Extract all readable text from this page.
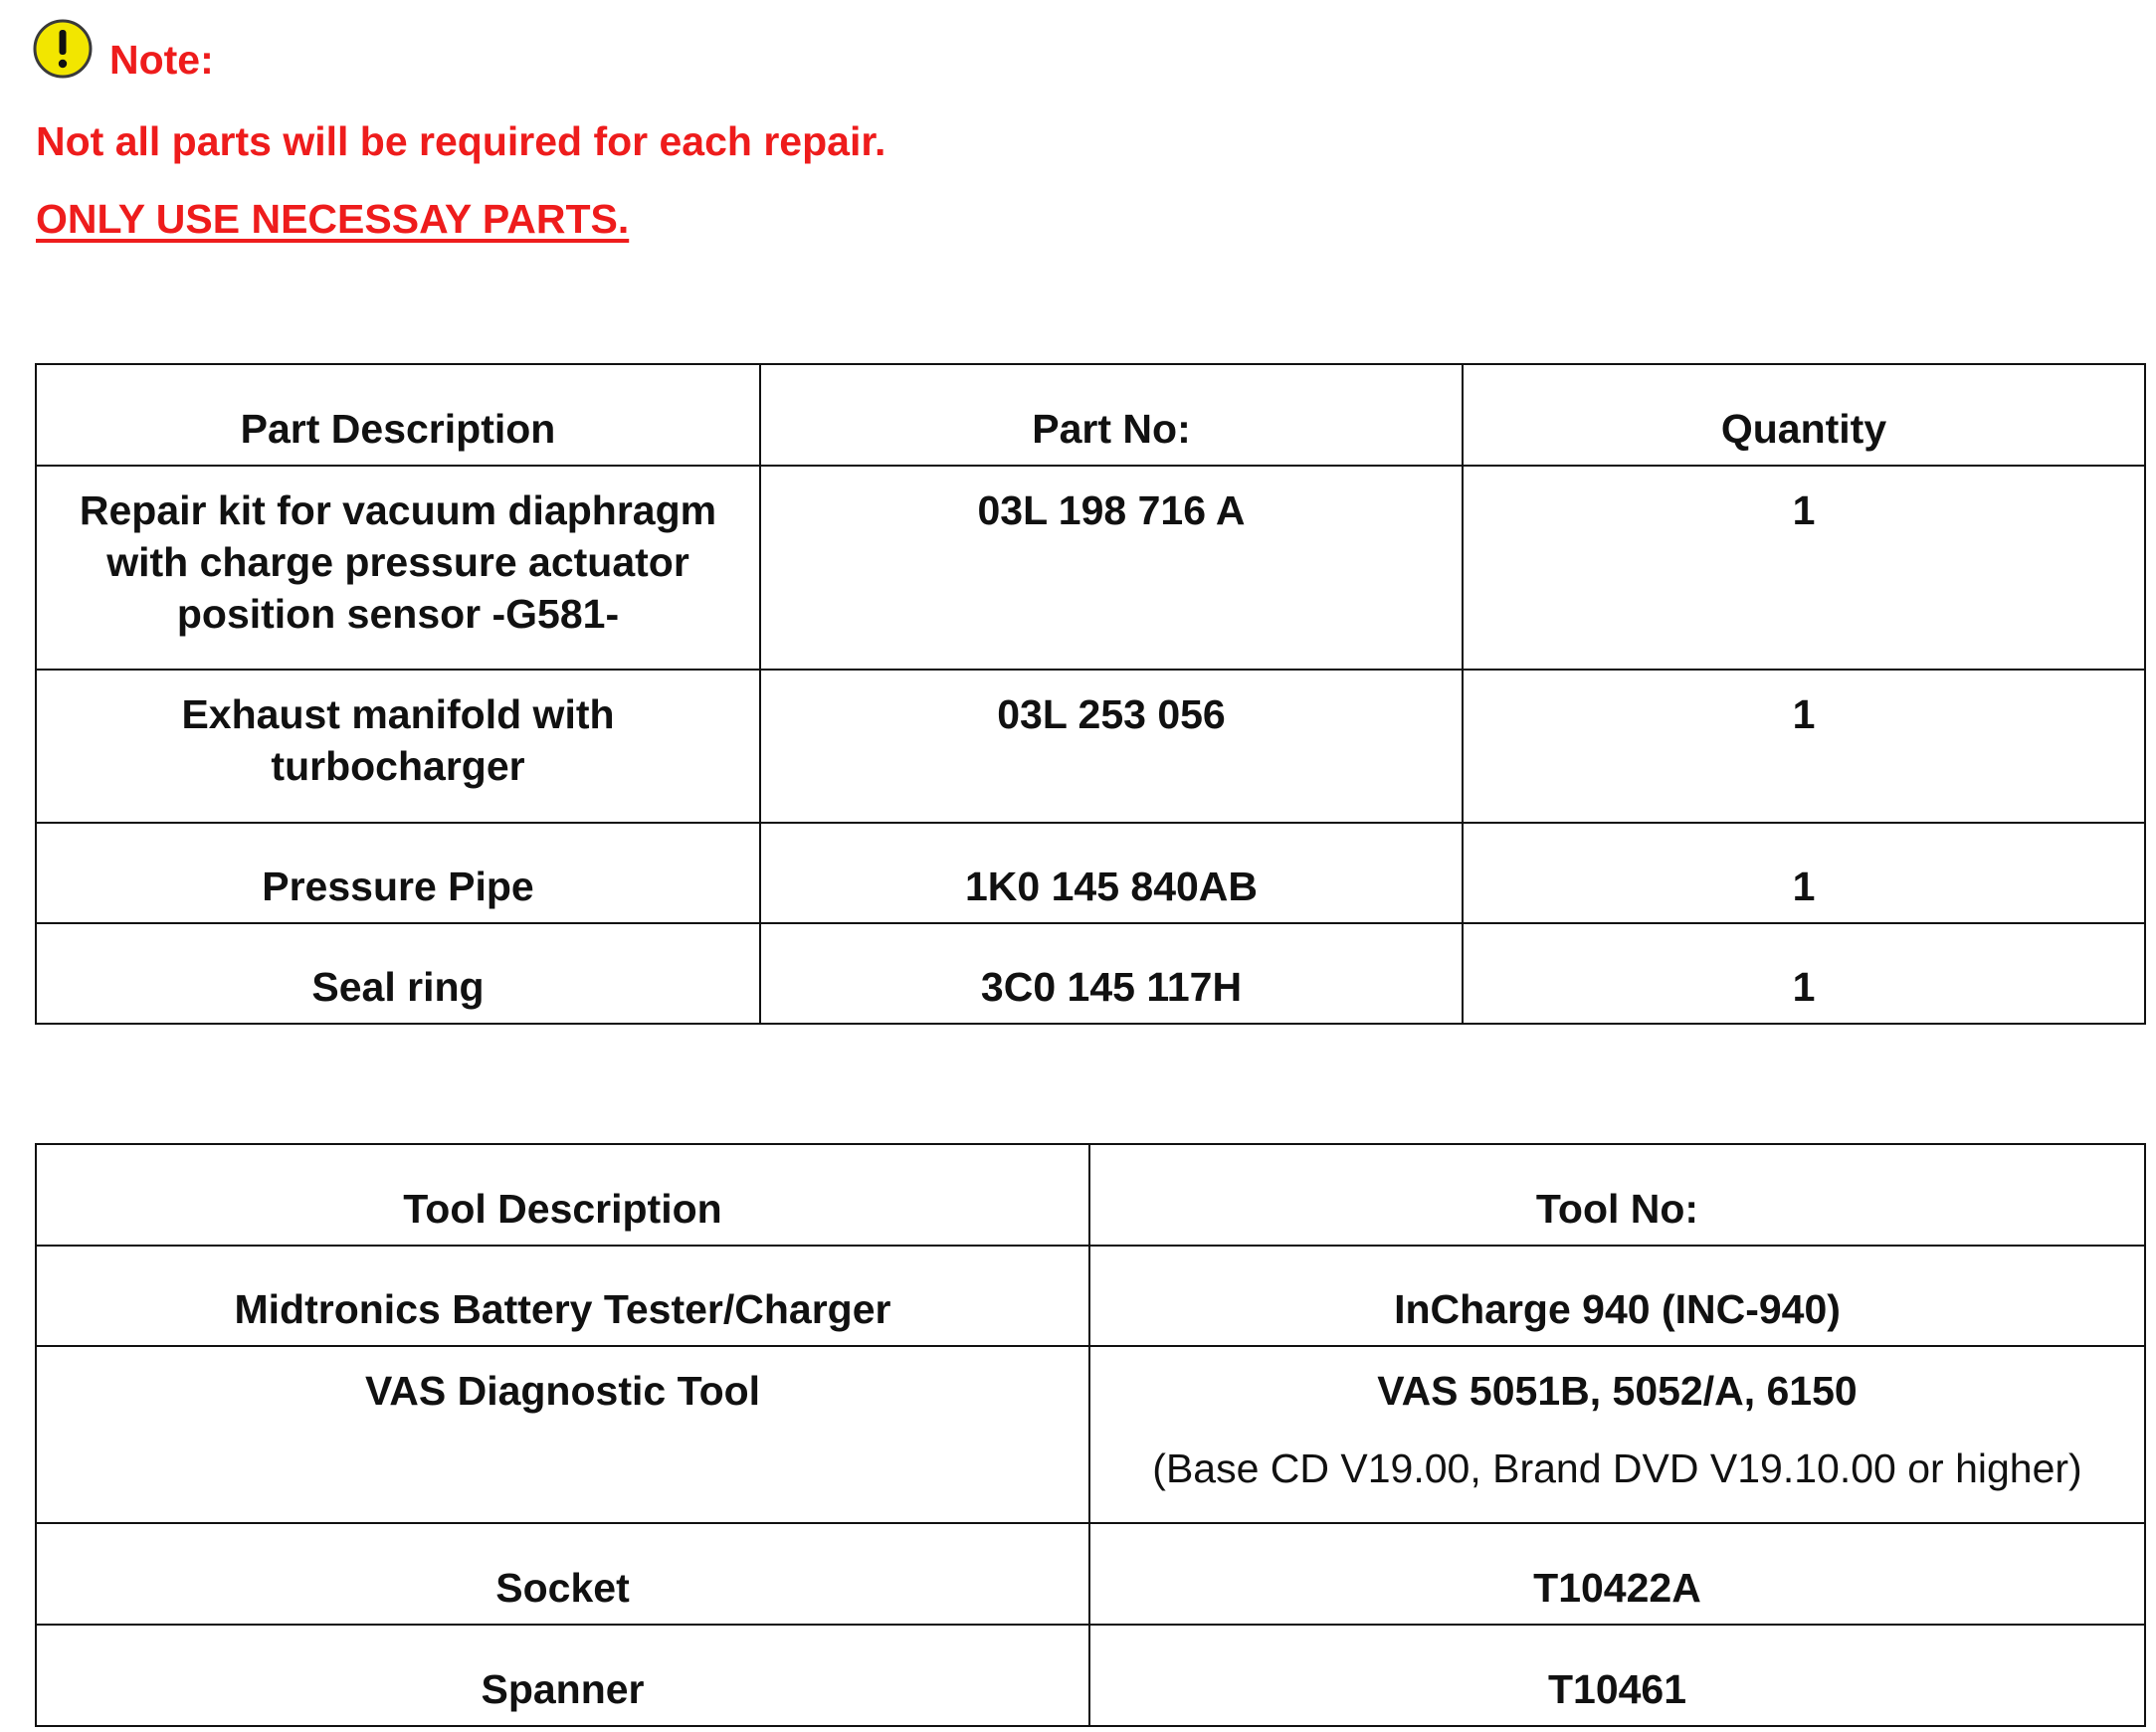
Note:
Not all parts will be required for each repair.
ONLY USE NECESSAY PARTS.
Part Description	Part No:	Quantity
Repair kit for vacuum diaphragm with charge pressure actuator position sensor -G581-	03L 198 716 A	1
Exhaust manifold with turbocharger	03L 253 056	1
Pressure Pipe	1K0 145 840AB	1
Seal ring	3C0 145 117H	1
Tool Description	Tool No:
Midtronics Battery Tester/Charger	InCharge 940 (INC-940)
VAS Diagnostic Tool	VAS 5051B, 5052/A, 6150
(Base CD V19.00, Brand DVD V19.10.00 or higher)

Socket	T10422A
Spanner	T10461
